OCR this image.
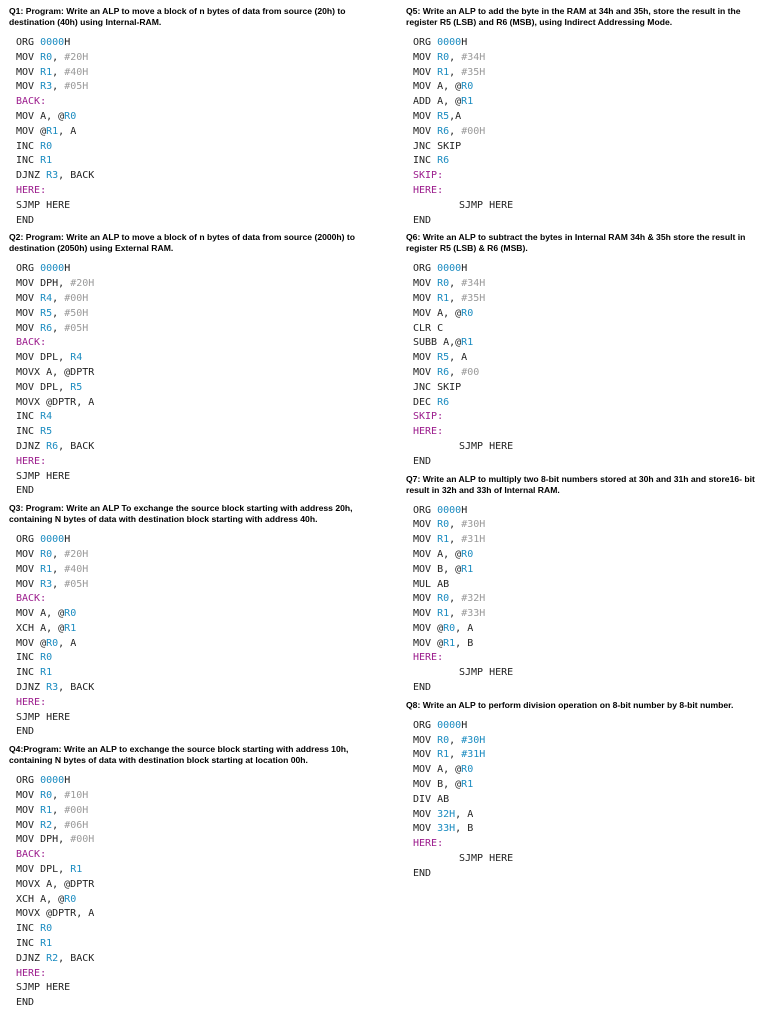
Q1: Program: Write an ALP to move a block of n bytes of data from source (20h) to destination (40h) using Internal-RAM.
ORG 0000H
MOV R0, #20H
MOV R1, #40H
MOV R3, #05H
BACK:
MOV A, @R0
MOV @R1, A
INC R0
INC R1
DJNZ R3, BACK
HERE:
SJMP HERE
END
Q2: Program: Write an ALP to move a block of n bytes of data from source (2000h) to destination (2050h) using External RAM.
ORG 0000H
MOV DPH, #20H
MOV R4, #00H
MOV R5, #50H
MOV R6, #05H
BACK:
MOV DPL, R4
MOVX A, @DPTR
MOV DPL, R5
MOVX @DPTR, A
INC R4
INC R5
DJNZ R6, BACK
HERE:
SJMP HERE
END
Q3: Program: Write an ALP To exchange the source block starting with address 20h, containing N bytes of data with destination block starting with address 40h.
ORG 0000H
MOV R0, #20H
MOV R1, #40H
MOV R3, #05H
BACK:
MOV A, @R0
XCH A, @R1
MOV @R0, A
INC R0
INC R1
DJNZ R3, BACK
HERE:
SJMP HERE
END
Q4:Program: Write an ALP to exchange the source block starting with address 10h, containing N bytes of data with destination block starting at location 00h.
ORG 0000H
MOV R0, #10H
MOV R1, #00H
MOV R2, #06H
MOV DPH, #00H
BACK:
MOV DPL, R1
MOVX A, @DPTR
XCH A, @R0
MOVX @DPTR, A
INC R0
INC R1
DJNZ R2, BACK
HERE:
SJMP HERE
END
Q5: Write an ALP to add the byte in the RAM at 34h and 35h, store the result in the register R5 (LSB) and R6 (MSB), using Indirect Addressing Mode.
ORG 0000H
MOV R0, #34H
MOV R1, #35H
MOV A, @R0
ADD A, @R1
MOV R5,A
MOV R6, #00H
JNC SKIP
INC R6
SKIP:
HERE:
SJMP HERE
END
Q6: Write an ALP to subtract the bytes in Internal RAM 34h & 35h store the result in register R5 (LSB) & R6 (MSB).
ORG 0000H
MOV R0, #34H
MOV R1, #35H
MOV A, @R0
CLR C
SUBB A,@R1
MOV R5, A
MOV R6, #00
JNC SKIP
DEC R6
SKIP:
HERE:
SJMP HERE
END
Q7: Write an ALP to multiply two 8-bit numbers stored at 30h and 31h and store16- bit result in 32h and 33h of Internal RAM.
ORG 0000H
MOV R0, #30H
MOV R1, #31H
MOV A, @R0
MOV B, @R1
MUL AB
MOV R0, #32H
MOV R1, #33H
MOV @R0, A
MOV @R1, B
HERE:
SJMP HERE
END
Q8: Write an ALP to perform division operation on 8-bit number by 8-bit number.
ORG 0000H
MOV R0, #30H
MOV R1, #31H
MOV A, @R0
MOV B, @R1
DIV AB
MOV 32H, A
MOV 33H, B
HERE:
SJMP HERE
END
